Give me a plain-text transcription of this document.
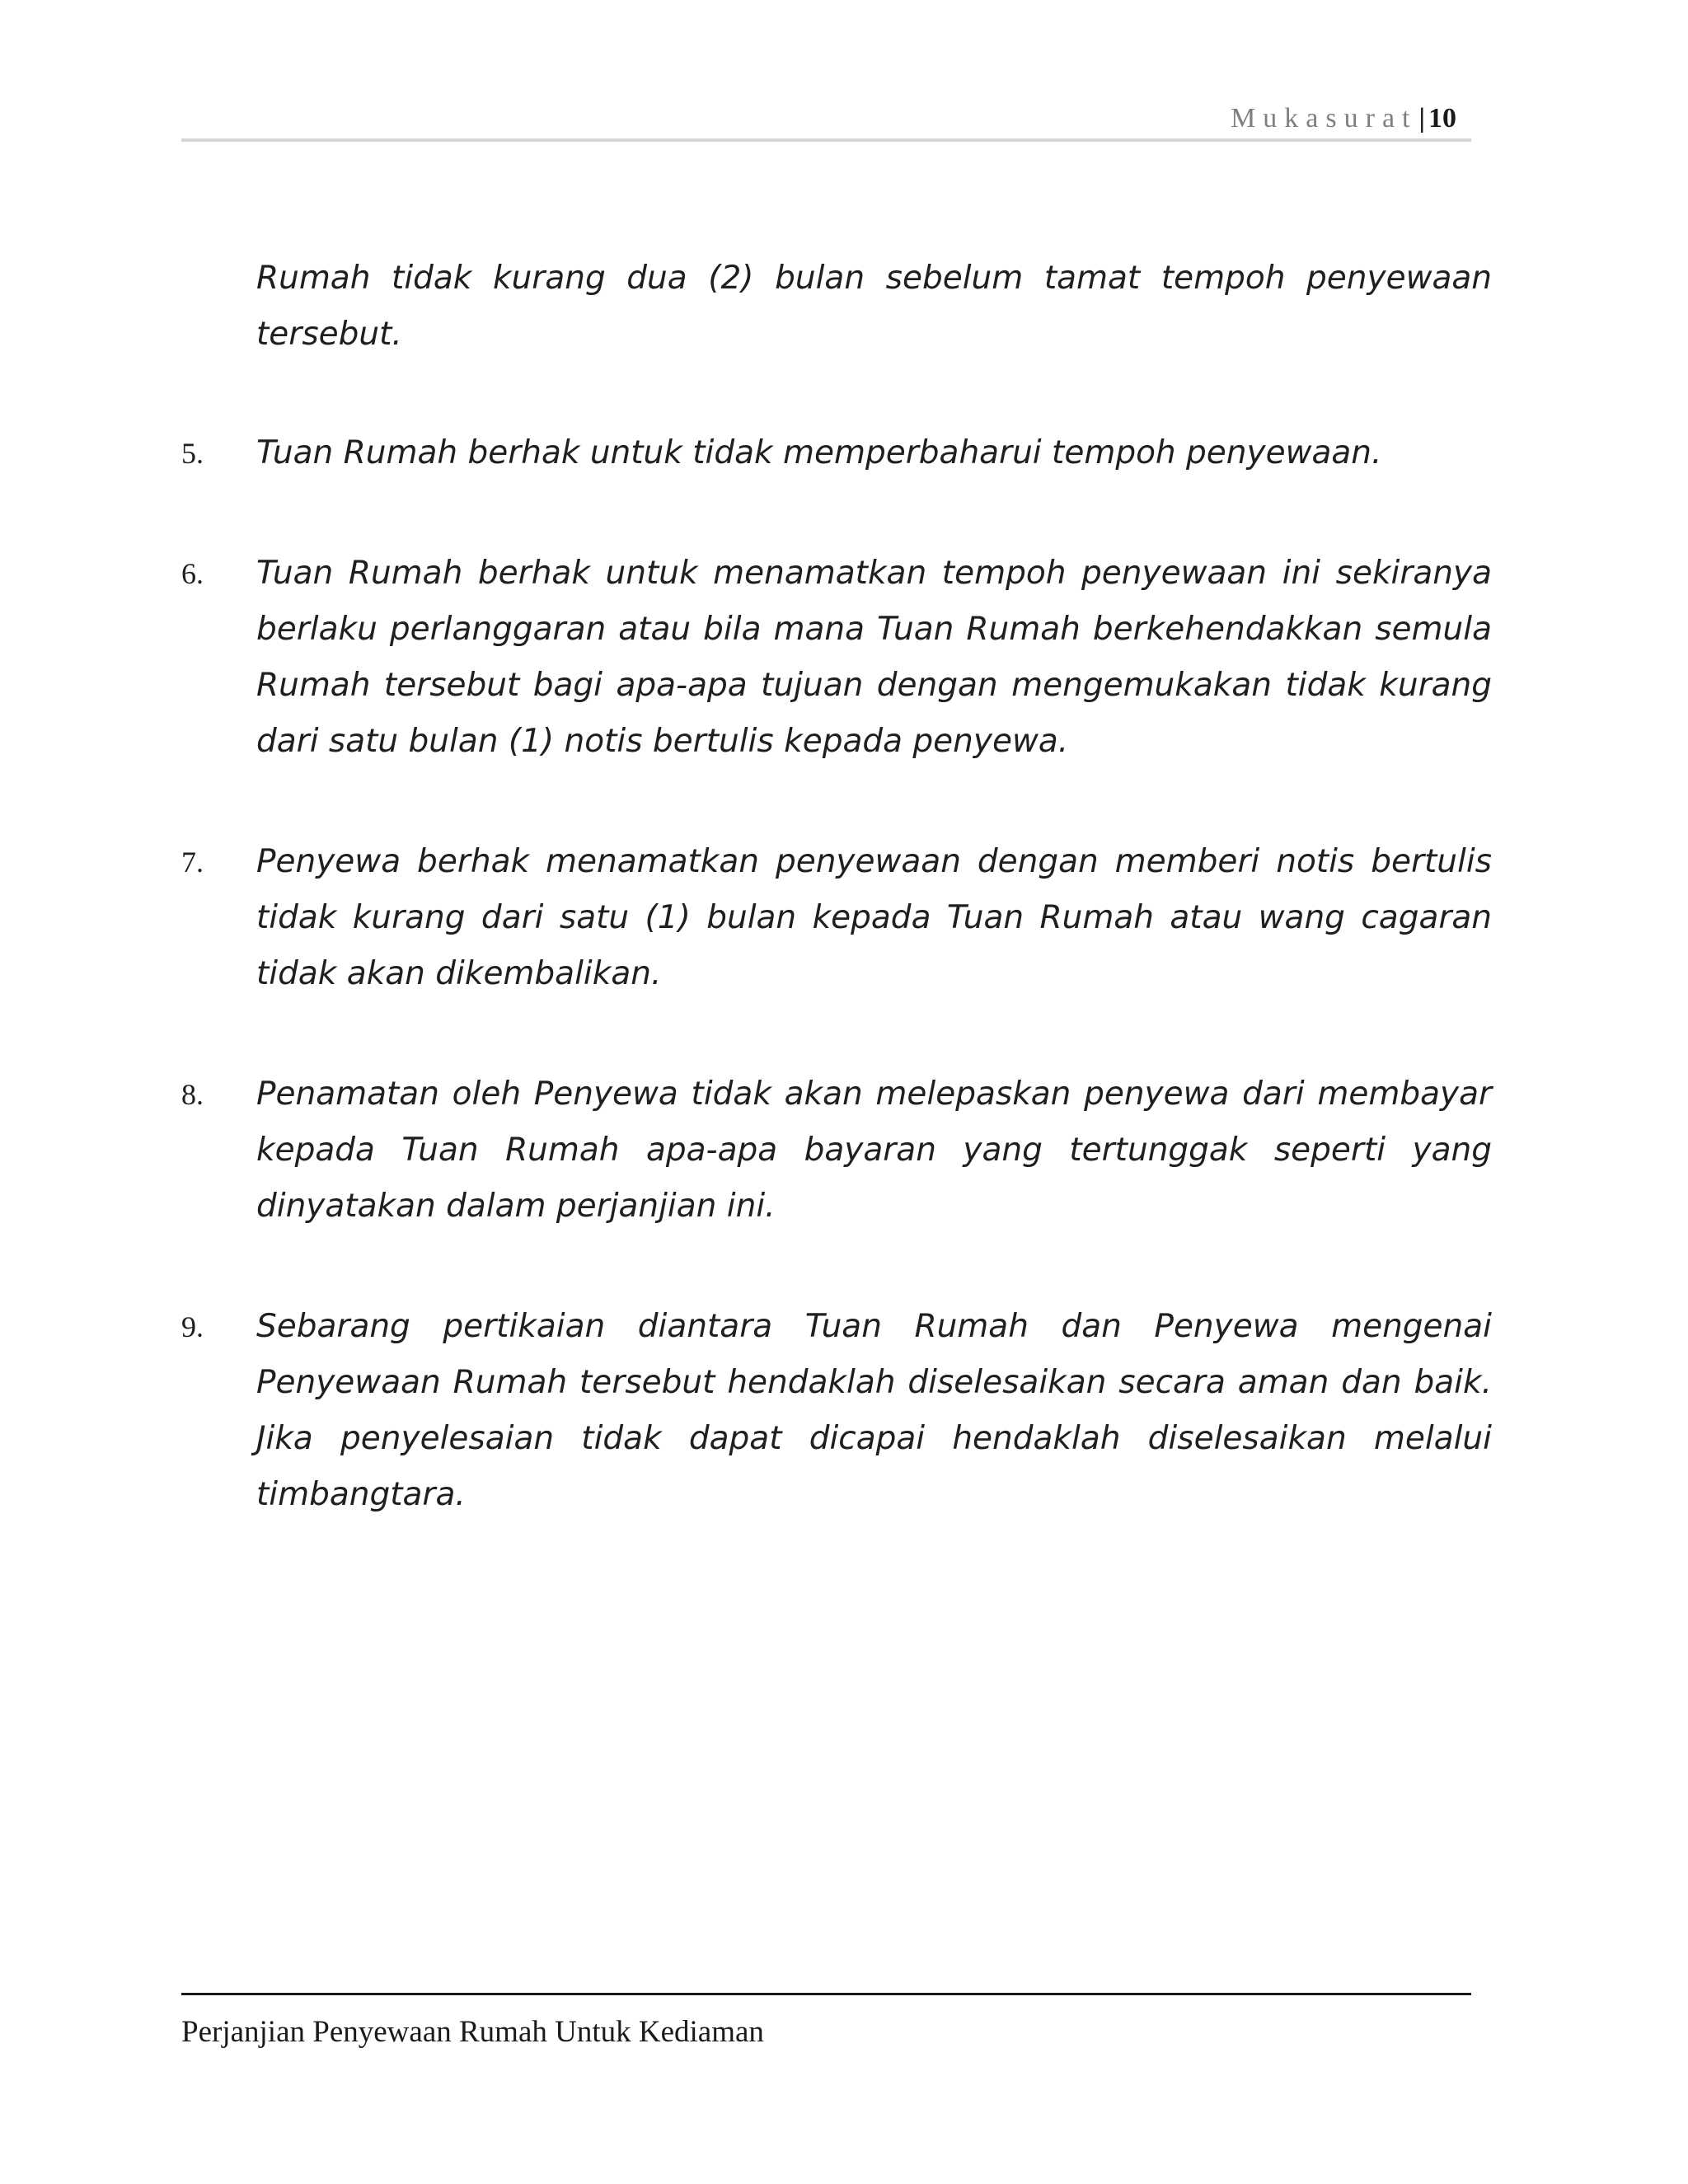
Mukasurat| 10
Rumah tidak kurang dua (2) bulan sebelum tamat tempoh penyewaan tersebut.
5. Tuan Rumah berhak untuk tidak memperbaharui tempoh penyewaan.
6. Tuan Rumah berhak untuk menamatkan tempoh penyewaan ini sekiranya berlaku perlanggaran atau bila mana Tuan Rumah berkehendakkan semula Rumah tersebut bagi apa-apa tujuan dengan mengemukakan tidak kurang dari satu bulan (1) notis bertulis kepada penyewa.
7. Penyewa berhak menamatkan penyewaan dengan memberi notis bertulis tidak kurang dari satu (1) bulan kepada Tuan Rumah atau wang cagaran tidak akan dikembalikan.
8. Penamatan oleh Penyewa tidak akan melepaskan penyewa dari membayar kepada Tuan Rumah apa-apa bayaran yang tertunggak seperti yang dinyatakan dalam perjanjian ini.
9. Sebarang pertikaian diantara Tuan Rumah dan Penyewa mengenai Penyewaan Rumah tersebut hendaklah diselesaikan secara aman dan baik. Jika penyelesaian tidak dapat dicapai hendaklah diselesaikan melalui timbangtara.
Perjanjian Penyewaan Rumah Untuk Kediaman
